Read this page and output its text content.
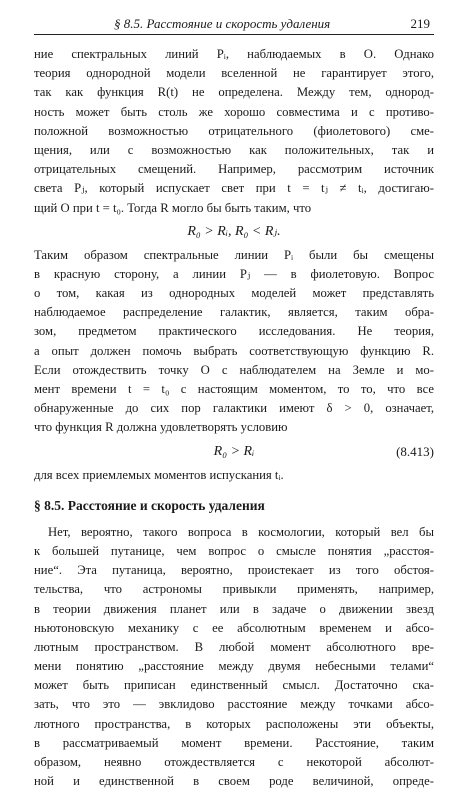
§ 8.5. Расстояние и скорость удаления	219
ние спектральных линий Pᵢ, наблюдаемых в O. Однако
теория однородной модели вселенной не гарантирует этого,
так как функция R(t) не определена. Между тем, однород-
ность может быть столь же хорошо совместима и с противо-
положной возможностью отрицательного (фиолетового) сме-
щения, или с возможностью как положительных, так и
отрицательных смещений. Например, рассмотрим источник
света Pⱼ, который испускает свет при t = tⱼ ≠ tᵢ, достигаю-
щий O при t = t₀. Тогда R могло бы быть таким, что
R₀ > Rᵢ, R₀ < Rⱼ.
Таким образом спектральные линии Pᵢ были бы смещены
в красную сторону, а линии Pⱼ — в фиолетовую. Вопрос
о том, какая из однородных моделей может представлять
наблюдаемое распределение галактик, является, таким обра-
зом, предметом практического исследования. Не теория,
а опыт должен помочь выбрать соответствующую функцию R.
Если отождествить точку O с наблюдателем на Земле и мо-
мент времени t = t₀ с настоящим моментом, то то, что все
обнаруженные до сих пор галактики имеют δ > 0, означает,
что функция R должна удовлетворять условию
R₀ > Rᵢ	(8.413)
для всех приемлемых моментов испускания tᵢ.
§ 8.5. Расстояние и скорость удаления
Нет, вероятно, такого вопроса в космологии, который вел бы
к большей путанице, чем вопрос о смысле понятия „расстоя-
ние“. Эта путаница, вероятно, проистекает из того обстоя-
тельства, что астрономы привыкли применять, например,
в теории движения планет или в задаче о движении звезд
ньютоновскую механику с ее абсолютным временем и абсо-
лютным пространством. В любой момент абсолютного вре-
мени понятию „расстояние между двумя небесными телами“
может быть приписан единственный смысл. Достаточно ска-
зать, что это — эвклидово расстояние между точками абсо-
лютного пространства, в которых расположены эти объекты,
в рассматриваемый момент времени. Расстояние, таким
образом, неявно отождествляется с некоторой абсолют-
ной и единственной в своем роде величиной, опреде-
